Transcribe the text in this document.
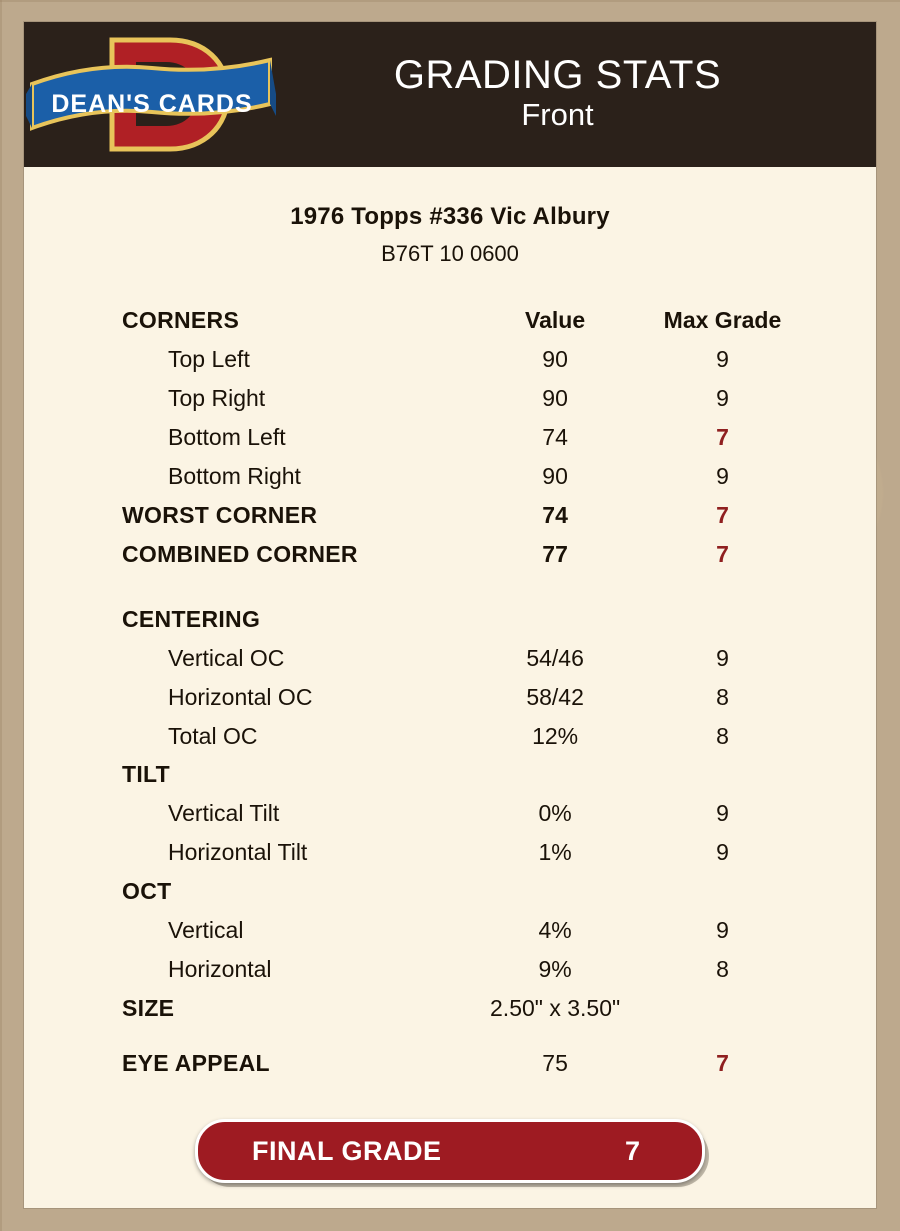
DEAN'S CARDS
GRADING STATS
Front
1976 Topps #336 Vic Albury
B76T 10 0600
CORNERS	Value	Max Grade
Top Left	90	9
Top Right	90	9
Bottom Left	74	7
Bottom Right	90	9
WORST CORNER	74	7
COMBINED CORNER	77	7

CENTERING		
Vertical OC	54/46	9
Horizontal OC	58/42	8
Total OC	12%	8
TILT		
Vertical Tilt	0%	9
Horizontal Tilt	1%	9
OCT		
Vertical	4%	9
Horizontal	9%	8
SIZE	2.50" x 3.50"	

EYE APPEAL	75	7
FINAL GRADE	7
